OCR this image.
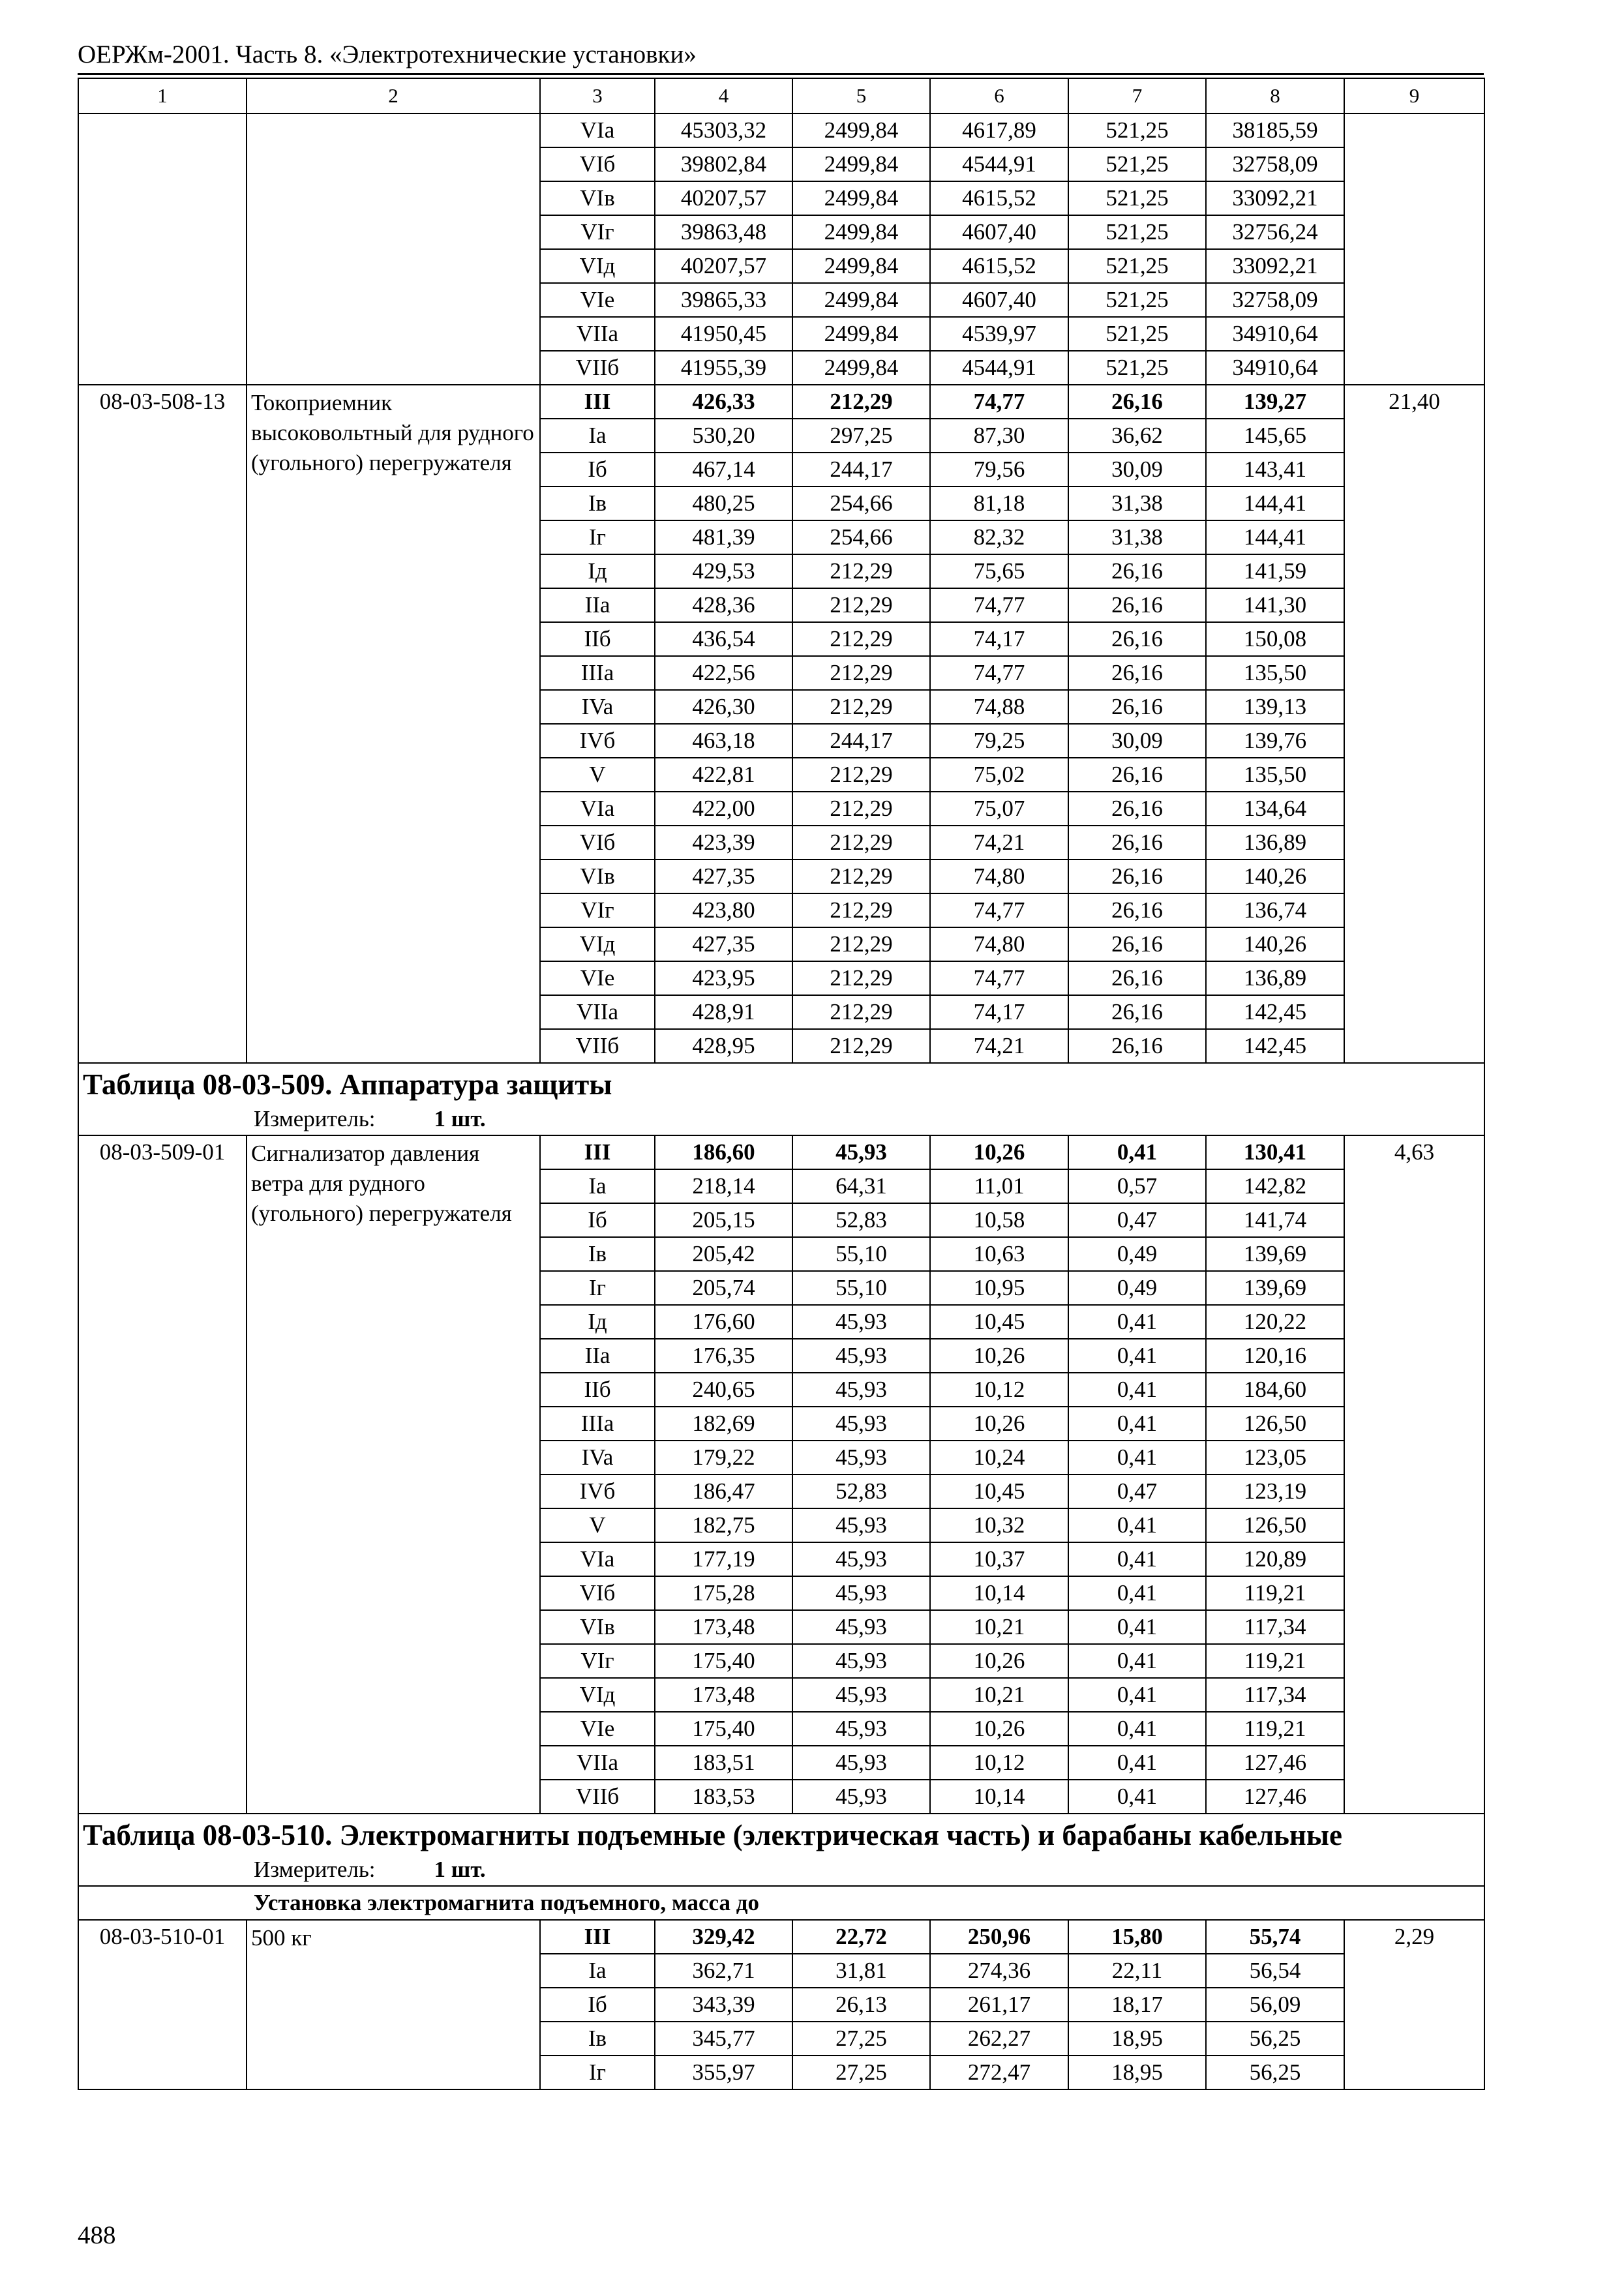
ОЕРЖм-2001. Часть 8. «Электротехнические установки»
1	2	3	4	5	6	7	8	9
		VIa	45303,32	2499,84	4617,89	521,25	38185,59	
		VIб	39802,84	2499,84	4544,91	521,25	32758,09	
		VIв	40207,57	2499,84	4615,52	521,25	33092,21	
		VIг	39863,48	2499,84	4607,40	521,25	32756,24	
		VIд	40207,57	2499,84	4615,52	521,25	33092,21	
		VIe	39865,33	2499,84	4607,40	521,25	32758,09	
		VIIa	41950,45	2499,84	4539,97	521,25	34910,64	
		VIIб	41955,39	2499,84	4544,91	521,25	34910,64	
08-03-508-13	Токоприемник высоковольтный для рудного (угольного) перегружателя	III	426,33	212,29	74,77	26,16	139,27	21,40
		Ia	530,20	297,25	87,30	36,62	145,65	
		Iб	467,14	244,17	79,56	30,09	143,41	
		Iв	480,25	254,66	81,18	31,38	144,41	
		Iг	481,39	254,66	82,32	31,38	144,41	
		Iд	429,53	212,29	75,65	26,16	141,59	
		IIa	428,36	212,29	74,77	26,16	141,30	
		IIб	436,54	212,29	74,17	26,16	150,08	
		IIIa	422,56	212,29	74,77	26,16	135,50	
		IVa	426,30	212,29	74,88	26,16	139,13	
		IVб	463,18	244,17	79,25	30,09	139,76	
		V	422,81	212,29	75,02	26,16	135,50	
		VIa	422,00	212,29	75,07	26,16	134,64	
		VIб	423,39	212,29	74,21	26,16	136,89	
		VIв	427,35	212,29	74,80	26,16	140,26	
		VIг	423,80	212,29	74,77	26,16	136,74	
		VIд	427,35	212,29	74,80	26,16	140,26	
		VIe	423,95	212,29	74,77	26,16	136,89	
		VIIa	428,91	212,29	74,17	26,16	142,45	
		VIIб	428,95	212,29	74,21	26,16	142,45	
Таблица 08-03-509. Аппаратура защиты								
Измеритель: 1 шт.								
08-03-509-01	Сигнализатор давления ветра для рудного (угольного) перегружателя	III	186,60	45,93	10,26	0,41	130,41	4,63
		Ia	218,14	64,31	11,01	0,57	142,82	
		Iб	205,15	52,83	10,58	0,47	141,74	
		Iв	205,42	55,10	10,63	0,49	139,69	
		Iг	205,74	55,10	10,95	0,49	139,69	
		Iд	176,60	45,93	10,45	0,41	120,22	
		IIa	176,35	45,93	10,26	0,41	120,16	
		IIб	240,65	45,93	10,12	0,41	184,60	
		IIIa	182,69	45,93	10,26	0,41	126,50	
		IVa	179,22	45,93	10,24	0,41	123,05	
		IVб	186,47	52,83	10,45	0,47	123,19	
		V	182,75	45,93	10,32	0,41	126,50	
		VIa	177,19	45,93	10,37	0,41	120,89	
		VIб	175,28	45,93	10,14	0,41	119,21	
		VIв	173,48	45,93	10,21	0,41	117,34	
		VIг	175,40	45,93	10,26	0,41	119,21	
		VIд	173,48	45,93	10,21	0,41	117,34	
		VIe	175,40	45,93	10,26	0,41	119,21	
		VIIa	183,51	45,93	10,12	0,41	127,46	
		VIIб	183,53	45,93	10,14	0,41	127,46	
Таблица 08-03-510. Электромагниты подъемные (электрическая часть) и барабаны кабельные								
Измеритель: 1 шт.								
Установка электромагнита подъемного, масса до								
08-03-510-01	500 кг	III	329,42	22,72	250,96	15,80	55,74	2,29
		Ia	362,71	31,81	274,36	22,11	56,54	
		Iб	343,39	26,13	261,17	18,17	56,09	
		Iв	345,77	27,25	262,27	18,95	56,25	
		Iг	355,97	27,25	272,47	18,95	56,25	
488
